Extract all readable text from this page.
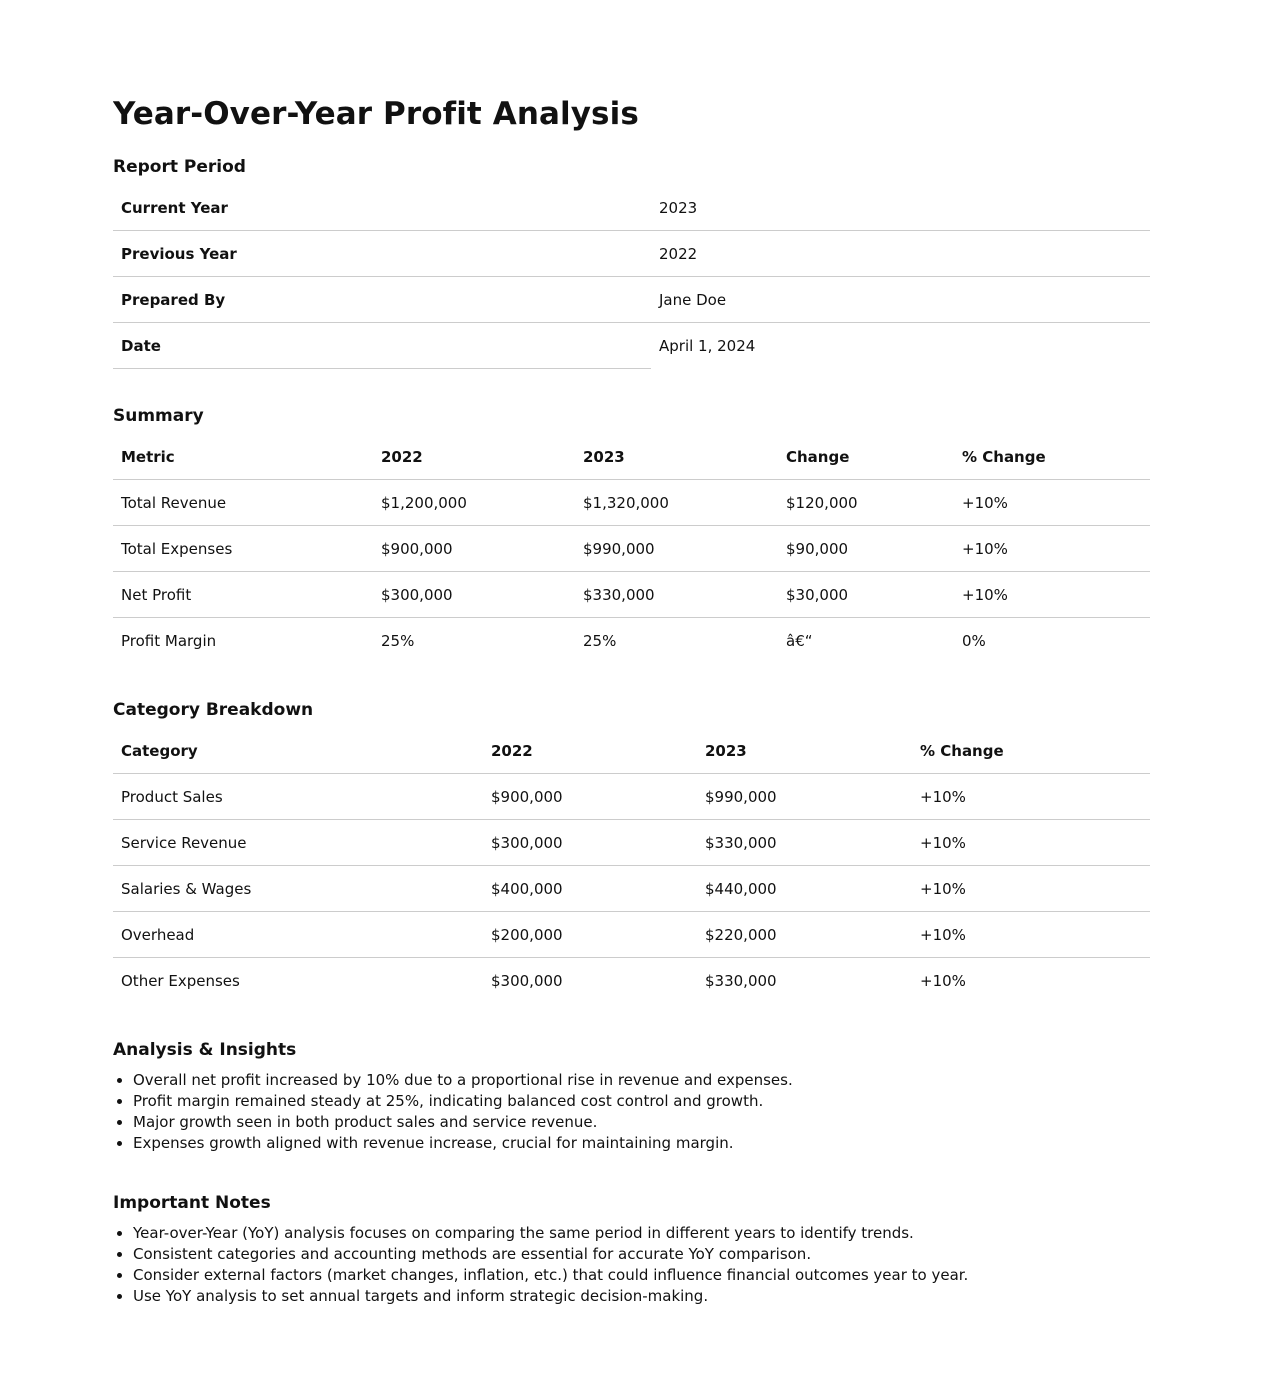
Year-Over-Year Profit Analysis
Report Period
Current Year	2023
Previous Year	2022
Prepared By	Jane Doe
Date	April 1, 2024
Summary
Metric	2022	2023	Change	% Change
Total Revenue	$1,200,000	$1,320,000	$120,000	+10%
Total Expenses	$900,000	$990,000	$90,000	+10%
Net Profit	$300,000	$330,000	$30,000	+10%
Profit Margin	25%	25%	â€“	0%
Category Breakdown
Category	2022	2023	% Change
Product Sales	$900,000	$990,000	+10%
Service Revenue	$300,000	$330,000	+10%
Salaries & Wages	$400,000	$440,000	+10%
Overhead	$200,000	$220,000	+10%
Other Expenses	$300,000	$330,000	+10%
Analysis & Insights
• Overall net profit increased by 10% due to a proportional rise in revenue and expenses.
• Profit margin remained steady at 25%, indicating balanced cost control and growth.
• Major growth seen in both product sales and service revenue.
• Expenses growth aligned with revenue increase, crucial for maintaining margin.
Important Notes
• Year-over-Year (YoY) analysis focuses on comparing the same period in different years to identify trends.
• Consistent categories and accounting methods are essential for accurate YoY comparison.
• Consider external factors (market changes, inflation, etc.) that could influence financial outcomes year to year.
• Use YoY analysis to set annual targets and inform strategic decision-making.
